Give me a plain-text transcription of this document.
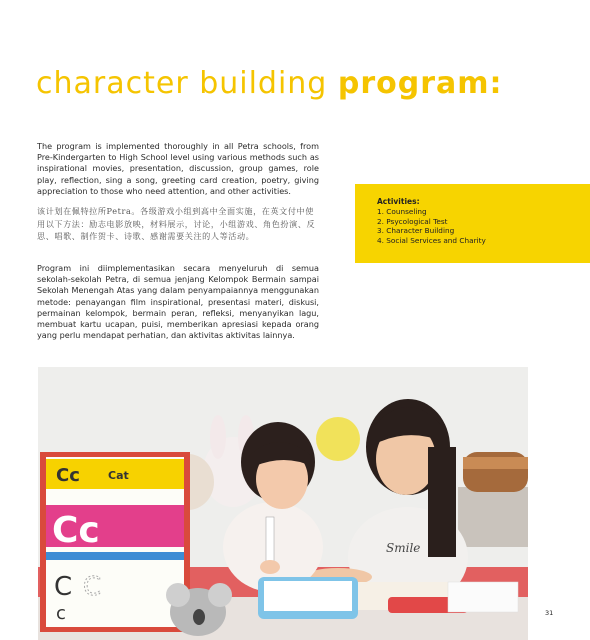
character building program:

The program is implemented thoroughly in all Petra schools, from Pre-Kindergarten to High School level using various methods such as inspirational movies, presentation, discussion, group games, role play, reflection, sing a song, greeting card creation, poetry, giving appreciation to those who need attention, and other activities.

该计划在佩特拉所Petra。各级游戏小组到高中全面实施，在英文付中使用以下方法：励志电影放映，材料展示，讨论，小组游戏、角色扮演、反思、唱歌、制作贺卡、诗歌、感谢需要关注的人等活动。

Program ini diimplementasikan secara menyeluruh di semua sekolah-sekolah Petra, di semua jenjang Kelompok Bermain sampai Sekolah Menengah Atas yang dalam penyampaiannya menggunakan metode: penayangan film inspirational, presentasi materi, diskusi, permainan kelompok, bermain peran, refleksi, menyanyikan lagu, membuat kartu ucapan, puisi, memberikan apresiasi kepada orang yang perlu mendapat perhatian, dan aktivitas aktivitas lainnya.

Activities:
1. Counseling
2. Psycological Test
3. Character Building
4. Social Services and Charity
Smile
Cc	Cat
Cc
C C
c	31
